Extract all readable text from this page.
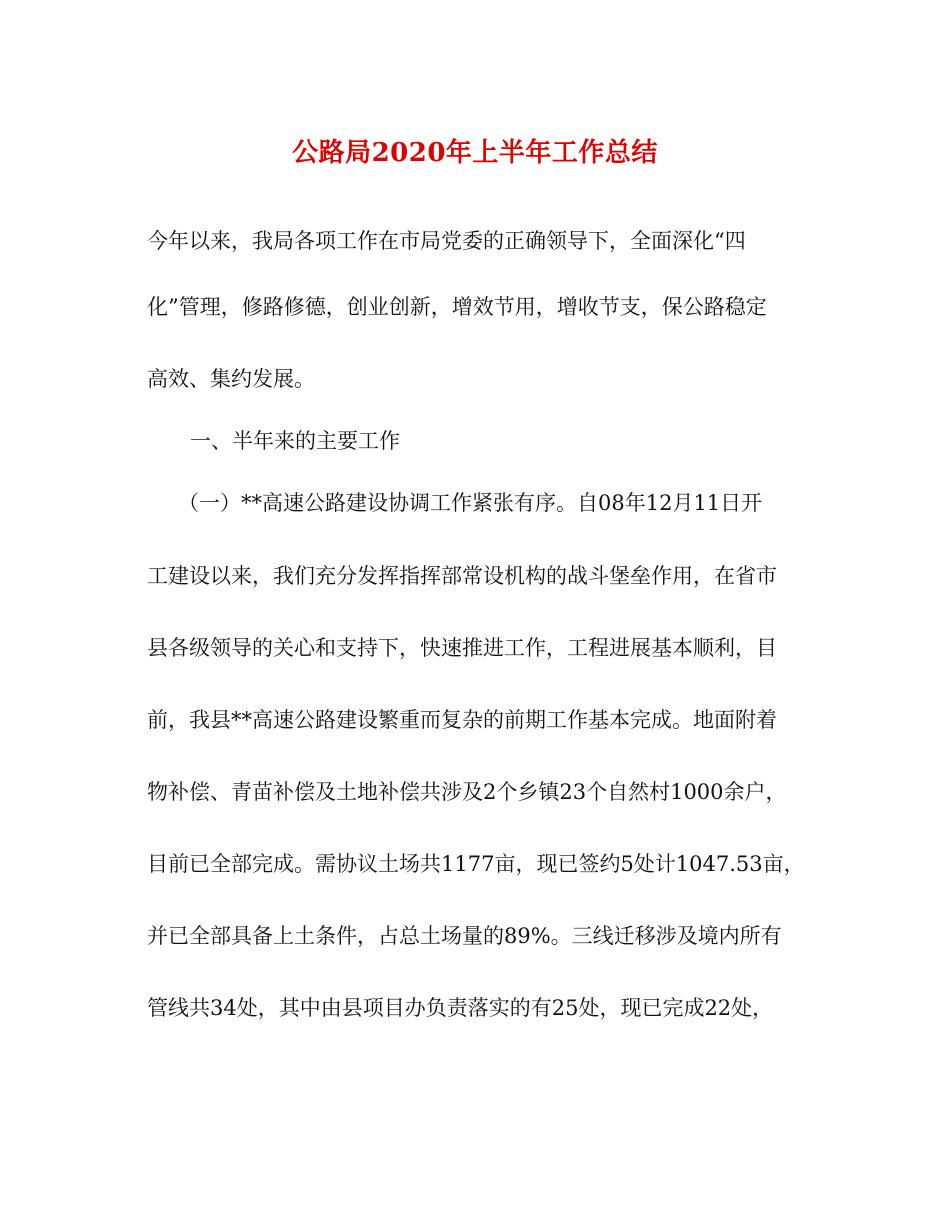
公路局2020年上半年工作总结
今年以来，我局各项工作在市局党委的正确领导下，全面深化“四
化”管理，修路修德，创业创新，增效节用，增收节支，保公路稳定
高效、集约发展。
一、半年来的主要工作
（一）**高速公路建设协调工作紧张有序。自08年12月11日开
工建设以来，我们充分发挥指挥部常设机构的战斗堡垒作用，在省市
县各级领导的关心和支持下，快速推进工作，工程进展基本顺利，目
前，我县**高速公路建设繁重而复杂的前期工作基本完成。地面附着
物补偿、青苗补偿及土地补偿共涉及2个乡镇23个自然村1000余户，
目前已全部完成。需协议土场共1177亩，现已签约5处计1047.53亩，
并已全部具备上土条件，占总土场量的89%。三线迁移涉及境内所有
管线共34处，其中由县项目办负责落实的有25处，现已完成22处，
